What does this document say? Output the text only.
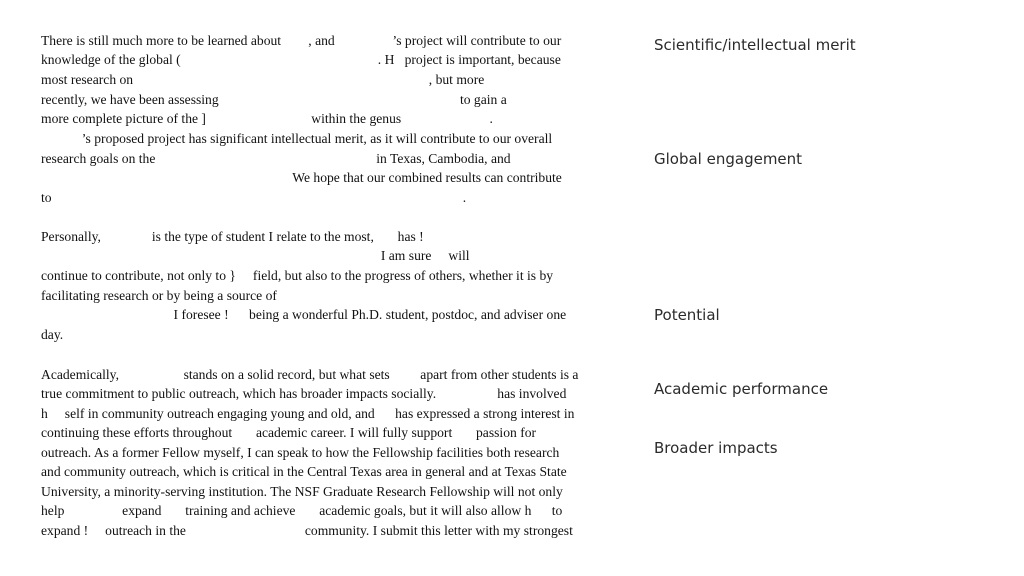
There is still much more to be learned about        , and                 ’s project will contribute to our
knowledge of the global (                                                          . H   project is important, because
most research on                                                                                       , but more
recently, we have been assessing                                                                       to gain a
more complete picture of the ]                               within the genus                          .
’s proposed project has significant intellectual merit, as it will contribute to our overall
research goals on the                                                                 in Texas, Cambodia, and
We hope that our combined results can contribute
to                                                                                                                         .
Personally,               is the type of student I relate to the most,       has !
I am sure     will
continue to contribute, not only to }     field, but also to the progress of others, whether it is by
facilitating research or by being a source of
I foresee !      being a wonderful Ph.D. student, postdoc, and adviser one
day.
Academically,                   stands on a solid record, but what sets         apart from other students is a
true commitment to public outreach, which has broader impacts socially.                  has involved
h     self in community outreach engaging young and old, and      has expressed a strong interest in
continuing these efforts throughout       academic career. I will fully support       passion for
outreach. As a former Fellow myself, I can speak to how the Fellowship facilities both research
and community outreach, which is critical in the Central Texas area in general and at Texas State
University, a minority-serving institution. The NSF Graduate Research Fellowship will not only
help                 expand       training and achieve       academic goals, but it will also allow h      to
expand !     outreach in the                                   community. I submit this letter with my strongest
Scientific/intellectual merit
Global engagement
Potential
Academic performance
Broader impacts
